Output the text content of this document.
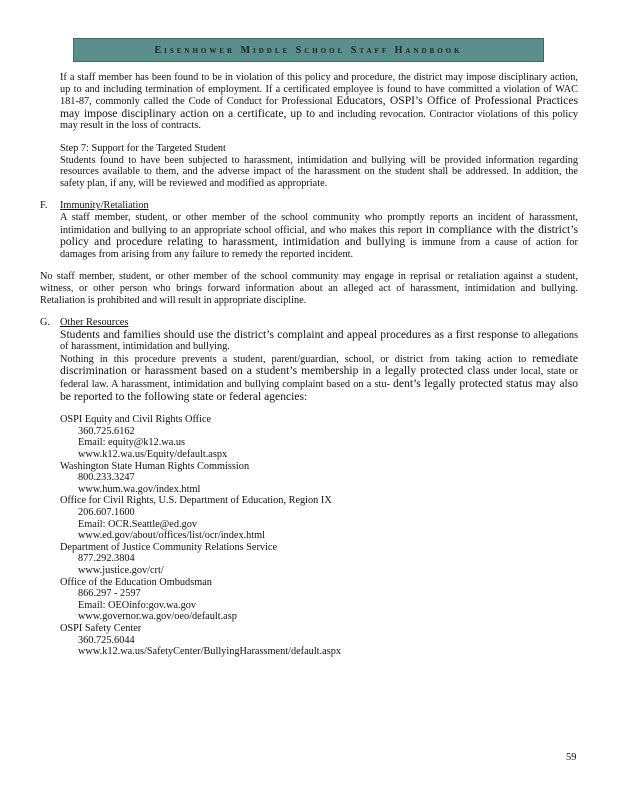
Eisenhower Middle School Staff Handbook

If a staff member has been found to be in violation of this policy and procedure, the district may impose disciplinary action, up to and including termination of employment. If a certificated employee is found to have committed a violation of WAC 181-87, commonly called the Code of Conduct for Professional Educators, OSPI’s Office of Professional Practices may impose disciplinary action on a certificate, up to and including revocation. Contractor violations of this policy may result in the loss of contracts.

Step 7: Support for the Targeted Student

Students found to have been subjected to harassment, intimidation and bullying will be provided information regarding resources available to them, and the adverse impact of the harassment on the student shall be addressed. In addition, the safety plan, if any, will be reviewed and modified as appropriate.

F. Immunity/Retaliation

A staff member, student, or other member of the school community who promptly reports an incident of harassment, intimidation and bullying to an appropriate school official, and who makes this report in compliance with the district’s policy and procedure relating to harassment, intimidation and bullying is immune from a cause of action for damages from arising from any failure to remedy the reported incident.

No staff member, student, or other member of the school community may engage in reprisal or retaliation against a student, witness, or other person who brings forward information about an alleged act of harassment, intimidation and bullying. Retaliation is prohibited and will result in appropriate discipline.

G. Other Resources

Students and families should use the district’s complaint and appeal procedures as a first response to allegations of harassment, intimidation and bullying.
Nothing in this procedure prevents a student, parent/guardian, school, or district from taking action to remediate discrimination or harassment based on a student’s membership in a legally protected class under local, state or federal law. A harassment, intimidation and bullying complaint based on a stu- dent’s legally protected status may also be reported to the following state or federal agencies:

OSPI Equity and Civil Rights Office
360.725.6162
Email: equity@k12.wa.us
www.k12.wa.us/Equity/default.aspx
Washington State Human Rights Commission
800.233.3247
www.hum.wa.gov/index.html
Office for Civil Rights, U.S. Department of Education, Region IX
206.607.1600
Email: OCR.Seattle@ed.gov
www.ed.gov/about/offices/list/ocr/index.html
Department of Justice Community Relations Service
877.292.3804
www.justice.gov/crt/
Office of the Education Ombudsman
866.297 - 2597
Email: OEOinfo:gov.wa.gov
www.governor.wa.gov/oeo/default.asp
OSPI Safety Center
360.725.6044
www.k12.wa.us/SafetyCenter/BullyingHarassment/default.aspx
59
